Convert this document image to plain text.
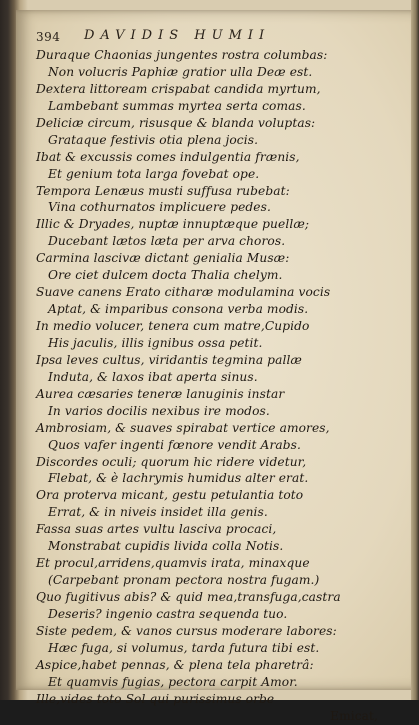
394 DAVIDIS HUMII
Duraque Chaonias jungentes rostra columbas:
Non volucris Paphiæ gratior ulla Deæ est.
Dextera littoream crispabat candida myrtum,
Lambebant summas myrtea serta comas.
Deliciæ circum, risusque & blanda voluptas:
Grataque festivis otia plena jocis.
Ibat & excussis comes indulgentia frænis,
Et genium tota larga fovebat ope.
Tempora Lenæus musti suffusa rubebat:
Vina cothurnatos implicuere pedes.
Illic & Dryades, nuptæ innuptæque puellæ;
Ducebant lætos læta per arva choros.
Carmina lascivæ dictant genialia Musæ:
Ore ciet dulcem docta Thalia chelym.
Suave canens Erato citharæ modulamina vocis
Aptat, & imparibus consona verba modis.
In medio volucer, tenera cum matre,Cupido
His jaculis, illis ignibus ossa petit.
Ipsa leves cultus, viridantis tegmina pallæ
Induta, & laxos ibat aperta sinus.
Aurea cæsaries teneræ lanuginis instar
In varios docilis nexibus ire modos.
Ambrosiam, & suaves spirabat vertice amores,
Quos vafer ingenti fœnore vendit Arabs.
Discordes oculi; quorum hic ridere videtur,
Flebat, & è lachrymis humidus alter erat.
Ora proterva micant, gestu petulantia toto
Errat, & in niveis insidet illa genis.
Fassa suas artes vultu lasciva procaci,
Monstrabat cupidis livida colla Notis.
Et procul,arridens,quamvis irata, minaxque
(Carpebant pronam pectora nostra fugam.)
Quo fugitivus abis? & quid mea,transfuga,castra
Deseris? ingenio castra sequenda tuo.
Siste pedem, & vanos cursus moderare labores:
Hæc fuga, si volumus, tarda futura tibi est.
Aspice,habet pennas, & plena tela pharetrâ:
Et quamvis fugias, pectora carpit Amor.
Ille,vides toto Sol qui purissimus orbe
Emicat,
